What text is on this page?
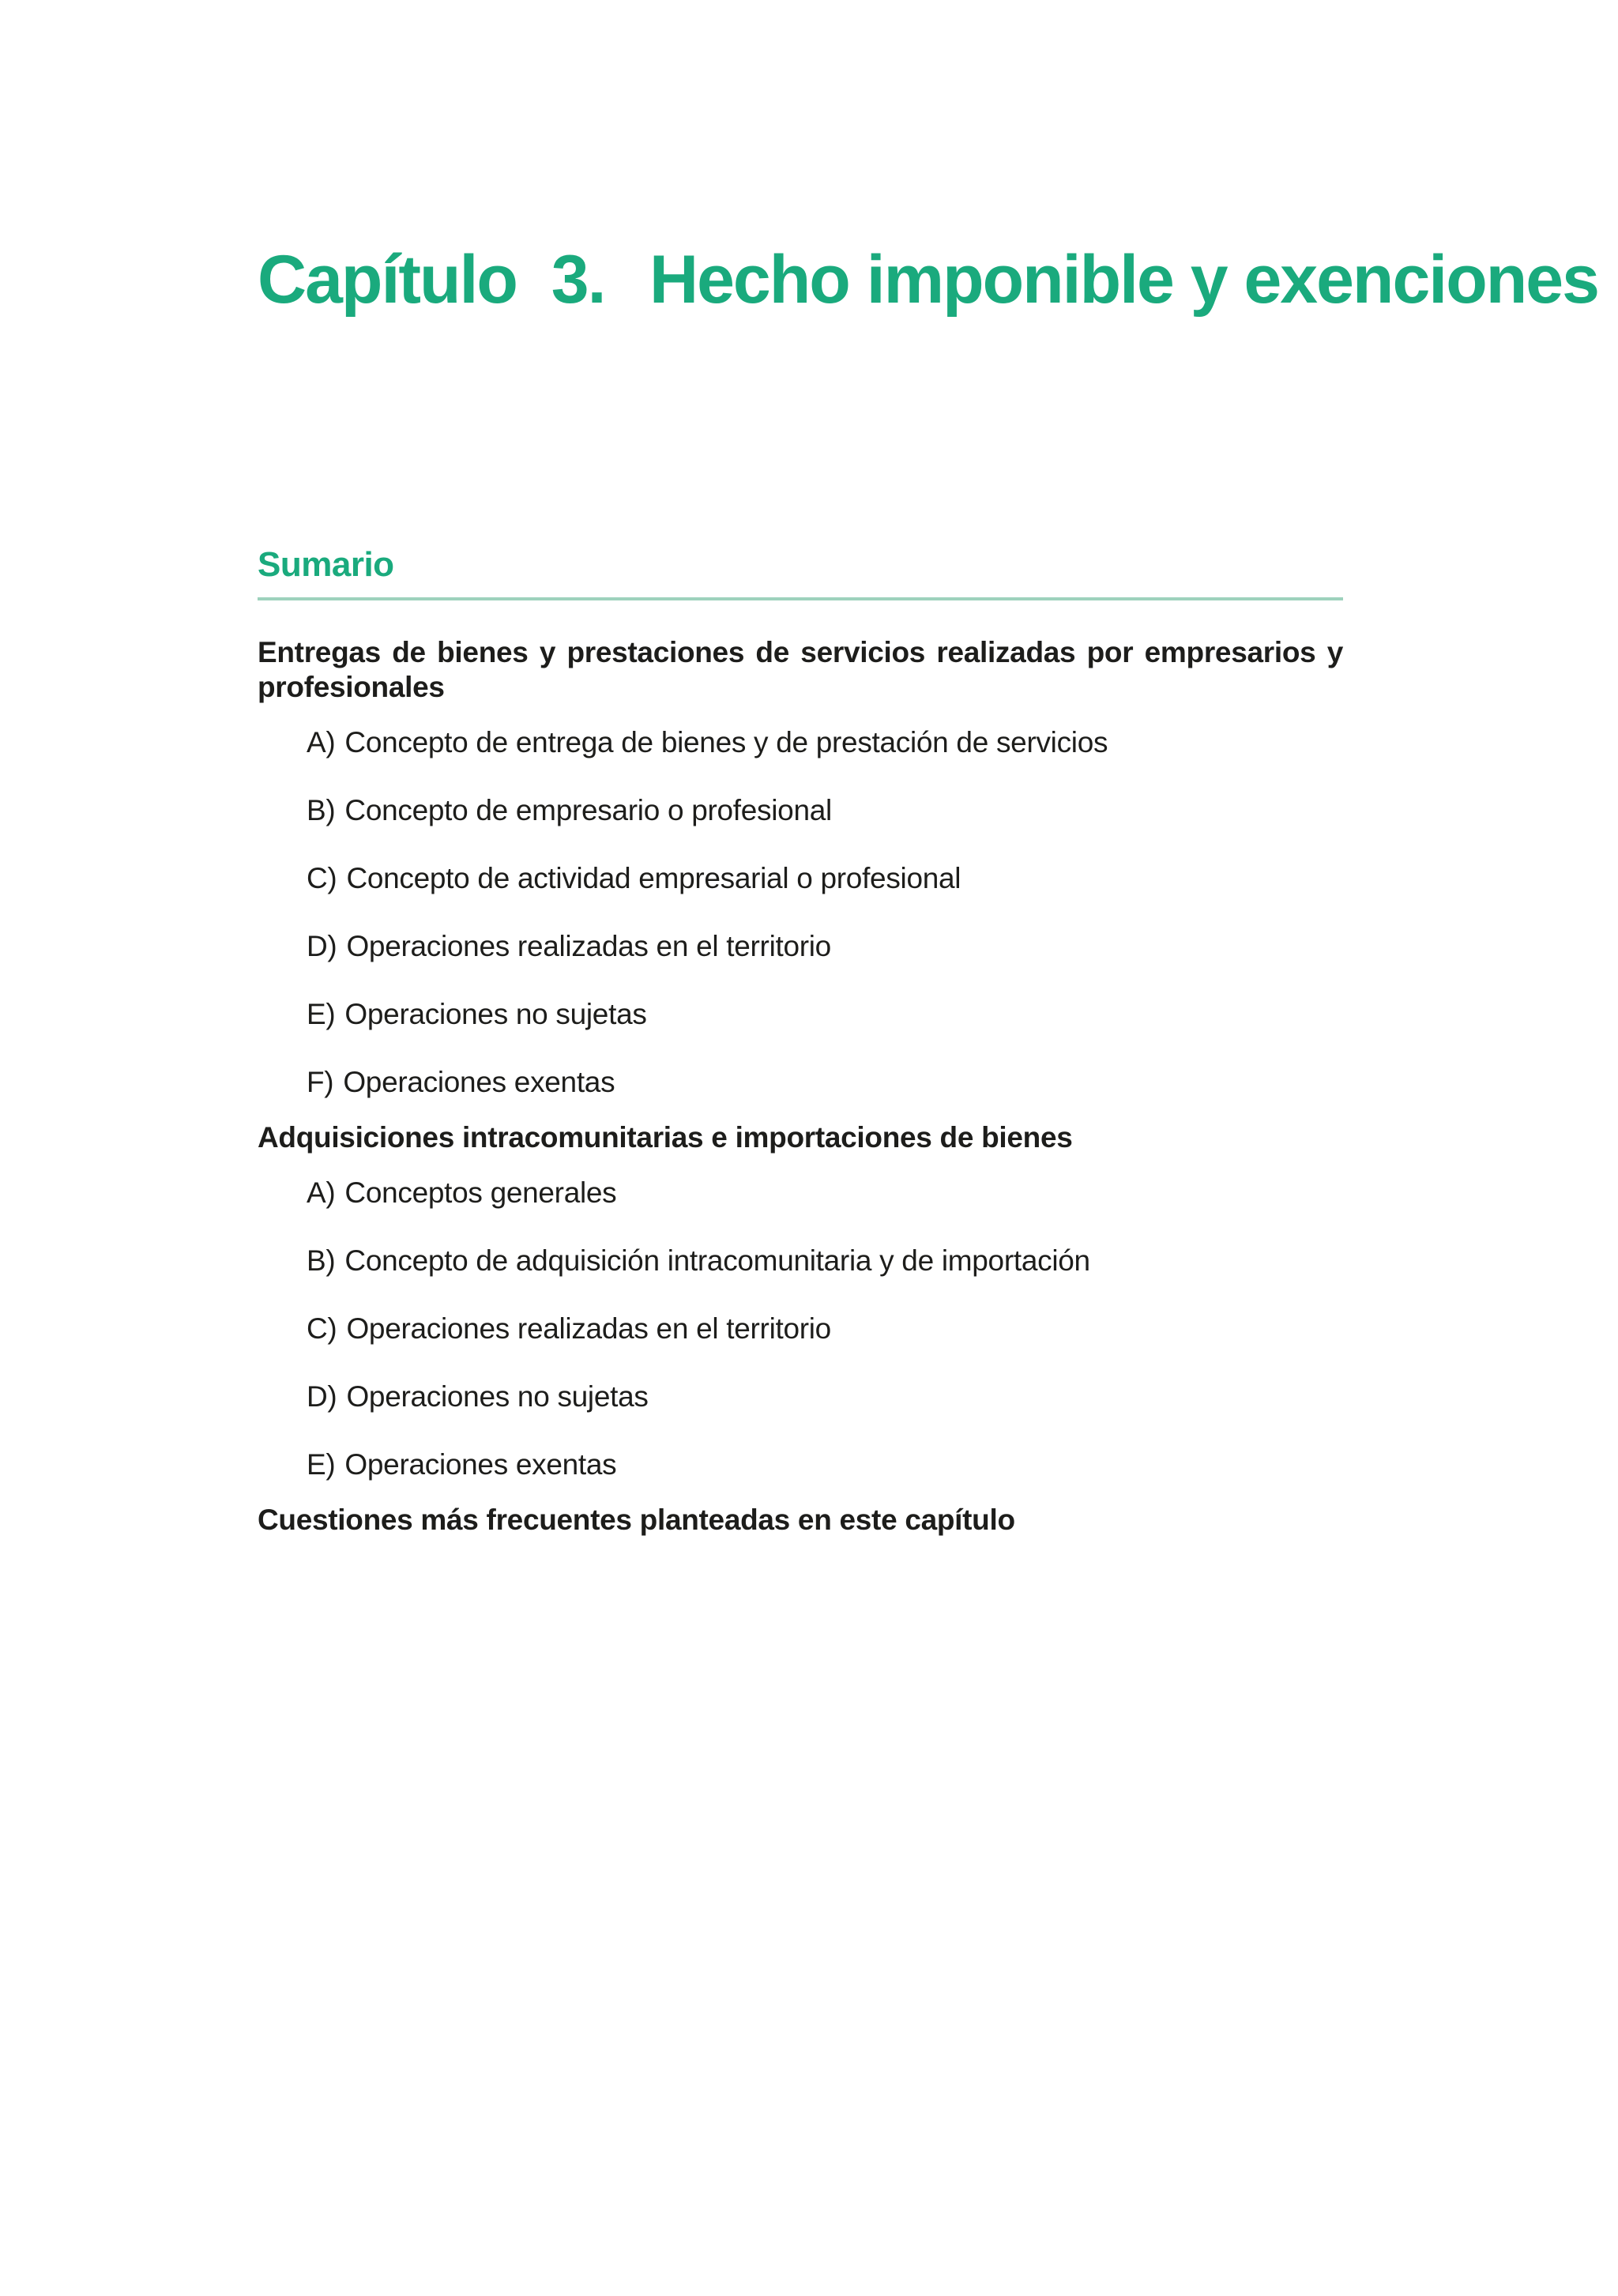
Capítulo  3. Hecho imponible y exenciones
Sumario
Entregas de bienes y prestaciones de servicios realizadas por empresarios y profesionales
A) Concepto de entrega de bienes y de prestación de servicios
B) Concepto de empresario o profesional
C) Concepto de actividad empresarial o profesional
D) Operaciones realizadas en el territorio
E) Operaciones no sujetas
F) Operaciones exentas
Adquisiciones intracomunitarias e importaciones de bienes
A) Conceptos generales
B) Concepto de adquisición intracomunitaria y de importación
C) Operaciones realizadas en el territorio
D) Operaciones no sujetas
E) Operaciones exentas
Cuestiones más frecuentes planteadas en este capítulo
